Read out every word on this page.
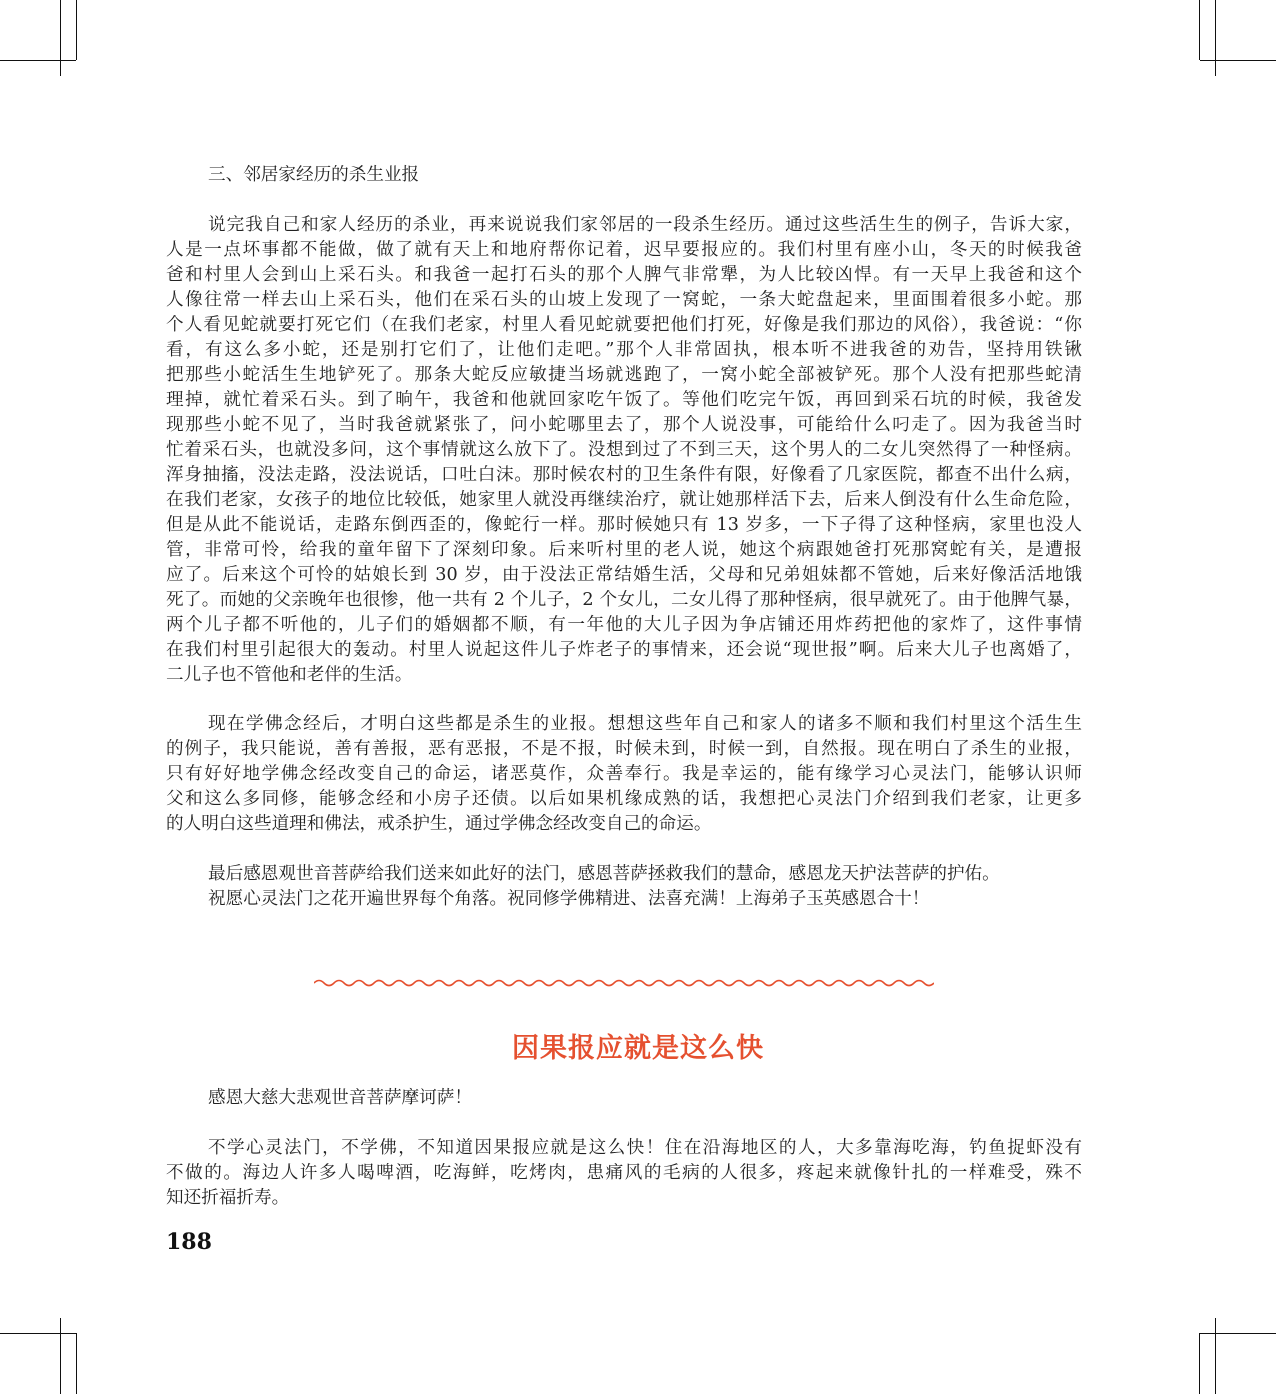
三、邻居家经历的杀生业报
说完我自己和家人经历的杀业，再来说说我们家邻居的一段杀生经历。通过这些活生生的例子，告诉大家，
人是一点坏事都不能做，做了就有天上和地府帮你记着，迟早要报应的。我们村里有座小山，冬天的时候我爸
爸和村里人会到山上采石头。和我爸一起打石头的那个人脾气非常犟，为人比较凶悍。有一天早上我爸和这个
人像往常一样去山上采石头，他们在采石头的山坡上发现了一窝蛇，一条大蛇盘起来，里面围着很多小蛇。那
个人看见蛇就要打死它们（在我们老家，村里人看见蛇就要把他们打死，好像是我们那边的风俗），我爸说：“你
看，有这么多小蛇，还是别打它们了，让他们走吧。”那个人非常固执，根本听不进我爸的劝告，坚持用铁锹
把那些小蛇活生生地铲死了。那条大蛇反应敏捷当场就逃跑了，一窝小蛇全部被铲死。那个人没有把那些蛇清
理掉，就忙着采石头。到了晌午，我爸和他就回家吃午饭了。等他们吃完午饭，再回到采石坑的时候，我爸发
现那些小蛇不见了，当时我爸就紧张了，问小蛇哪里去了，那个人说没事，可能给什么叼走了。因为我爸当时
忙着采石头，也就没多问，这个事情就这么放下了。没想到过了不到三天，这个男人的二女儿突然得了一种怪病。
浑身抽搐，没法走路，没法说话，口吐白沫。那时候农村的卫生条件有限，好像看了几家医院，都查不出什么病，
在我们老家，女孩子的地位比较低，她家里人就没再继续治疗，就让她那样活下去，后来人倒没有什么生命危险，
但是从此不能说话，走路东倒西歪的，像蛇行一样。那时候她只有 13 岁多，一下子得了这种怪病，家里也没人
管，非常可怜，给我的童年留下了深刻印象。后来听村里的老人说，她这个病跟她爸打死那窝蛇有关，是遭报
应了。后来这个可怜的姑娘长到 30 岁，由于没法正常结婚生活，父母和兄弟姐妹都不管她，后来好像活活地饿
死了。而她的父亲晚年也很惨，他一共有 2 个儿子，2 个女儿，二女儿得了那种怪病，很早就死了。由于他脾气暴，
两个儿子都不听他的，儿子们的婚姻都不顺，有一年他的大儿子因为争店铺还用炸药把他的家炸了，这件事情
在我们村里引起很大的轰动。村里人说起这件儿子炸老子的事情来，还会说“现世报”啊。后来大儿子也离婚了，
二儿子也不管他和老伴的生活。
现在学佛念经后，才明白这些都是杀生的业报。想想这些年自己和家人的诸多不顺和我们村里这个活生生
的例子，我只能说，善有善报，恶有恶报，不是不报，时候未到，时候一到，自然报。现在明白了杀生的业报，
只有好好地学佛念经改变自己的命运，诸恶莫作，众善奉行。我是幸运的，能有缘学习心灵法门，能够认识师
父和这么多同修，能够念经和小房子还债。以后如果机缘成熟的话，我想把心灵法门介绍到我们老家，让更多
的人明白这些道理和佛法，戒杀护生，通过学佛念经改变自己的命运。
最后感恩观世音菩萨给我们送来如此好的法门，感恩菩萨拯救我们的慧命，感恩龙天护法菩萨的护佑。
祝愿心灵法门之花开遍世界每个角落。祝同修学佛精进、法喜充满！上海弟子玉英感恩合十！
因果报应就是这么快
感恩大慈大悲观世音菩萨摩诃萨！
不学心灵法门，不学佛，不知道因果报应就是这么快！住在沿海地区的人，大多靠海吃海，钓鱼捉虾没有
不做的。海边人许多人喝啤酒，吃海鲜，吃烤肉，患痛风的毛病的人很多，疼起来就像针扎的一样难受，殊不
知还折福折寿。
188
